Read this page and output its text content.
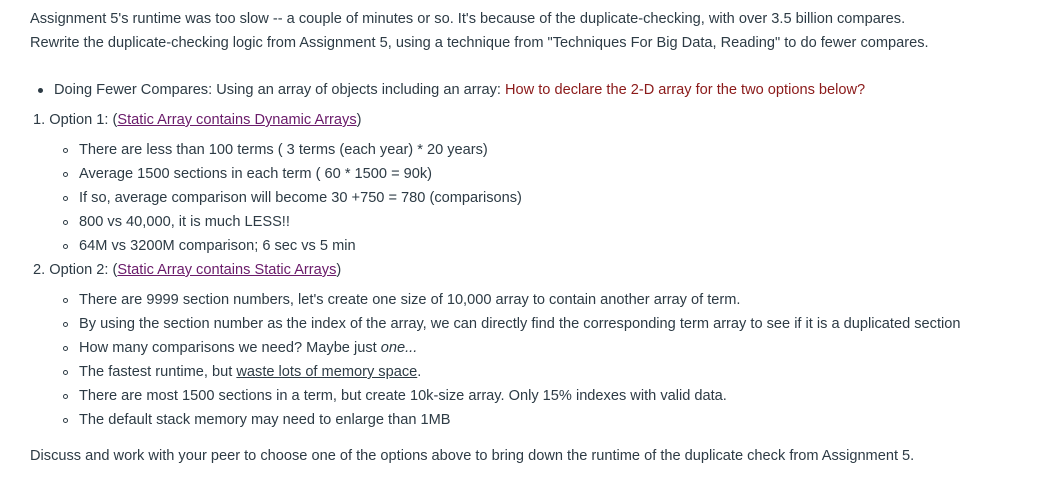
Assignment 5's runtime was too slow -- a couple of minutes or so. It's because of the duplicate-checking, with over 3.5 billion compares.
Rewrite the duplicate-checking logic from Assignment 5, using a technique from "Techniques For Big Data, Reading" to do fewer compares.
Doing Fewer Compares: Using an array of objects including an array: How to declare the 2-D array for the two options below?
1. Option 1: (Static Array contains Dynamic Arrays)
There are less than 100 terms ( 3 terms (each year) * 20 years)
Average 1500 sections in each term ( 60 * 1500 = 90k)
If so, average comparison will become 30 +750 = 780 (comparisons)
800 vs 40,000, it is much LESS!!
64M vs 3200M comparison; 6 sec vs 5 min
2. Option 2: (Static Array contains Static Arrays)
There are 9999 section numbers, let's create one size of 10,000 array to contain another array of term.
By using the section number as the index of the array, we can directly find the corresponding term array to see if it is a duplicated section
How many comparisons we need? Maybe just one...
The fastest runtime, but waste lots of memory space.
There are most 1500 sections in a term, but create 10k-size array. Only 15% indexes with valid data.
The default stack memory may need to enlarge than 1MB
Discuss and work with your peer to choose one of the options above to bring down the runtime of the duplicate check from Assignment 5.
